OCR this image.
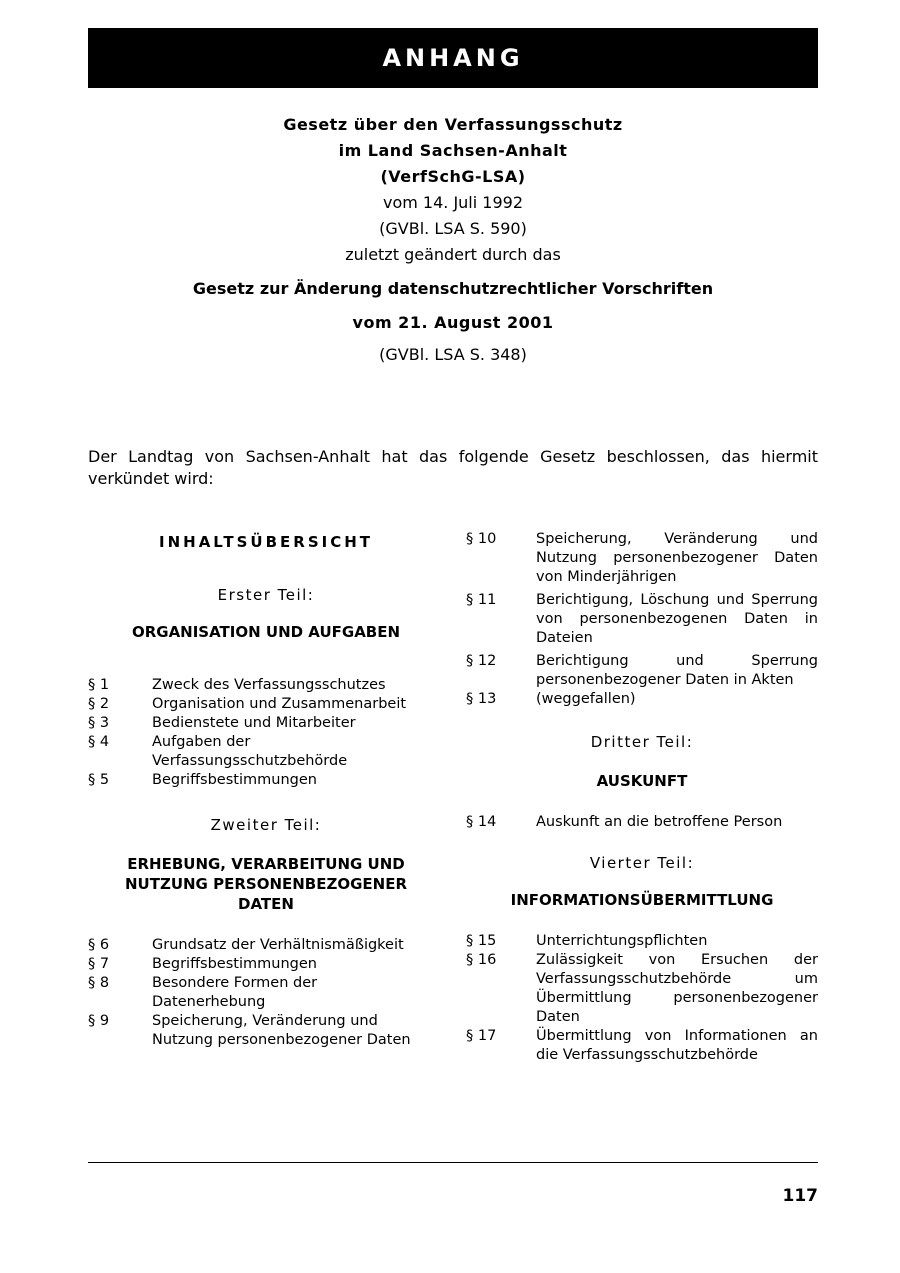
ANHANG
Gesetz über den Verfassungsschutz
im Land Sachsen-Anhalt
(VerfSchG-LSA)
vom 14. Juli 1992
(GVBl. LSA S. 590)
zuletzt geändert durch das
Gesetz zur Änderung datenschutzrechtlicher Vorschriften
vom 21. August 2001
(GVBl. LSA S. 348)
Der Landtag von Sachsen-Anhalt hat das folgende Gesetz beschlossen, das hiermit verkündet wird:
INHALTSÜBERSICHT
Erster Teil:
ORGANISATION UND AUFGABEN
§ 1	Zweck des Verfassungsschutzes
§ 2	Organisation und Zusammenarbeit
§ 3	Bedienstete und Mitarbeiter
§ 4	Aufgaben der Verfassungsschutzbehörde
§ 5	Begriffsbestimmungen
Zweiter Teil:
ERHEBUNG, VERARBEITUNG UND NUTZUNG PERSONENBEZOGENER DATEN
§ 6	Grundsatz der Verhältnismäßigkeit
§ 7	Begriffsbestimmungen
§ 8	Besondere Formen der Datenerhebung
§ 9	Speicherung, Veränderung und Nutzung personenbezogener Daten
§ 10	Speicherung, Veränderung und Nutzung personenbezogener Daten von Minderjährigen
§ 11	Berichtigung, Löschung und Sperrung von personenbezogenen Daten in Dateien
§ 12	Berichtigung und Sperrung personenbezogener Daten in Akten
§ 13	(weggefallen)
Dritter Teil:
AUSKUNFT
§ 14	Auskunft an die betroffene Person
Vierter Teil:
INFORMATIONSÜBERMITTLUNG
§ 15	Unterrichtungspflichten
§ 16	Zulässigkeit von Ersuchen der Verfassungsschutzbehörde um Übermittlung personenbezogener Daten
§ 17	Übermittlung von Informationen an die Verfassungsschutzbehörde
117
